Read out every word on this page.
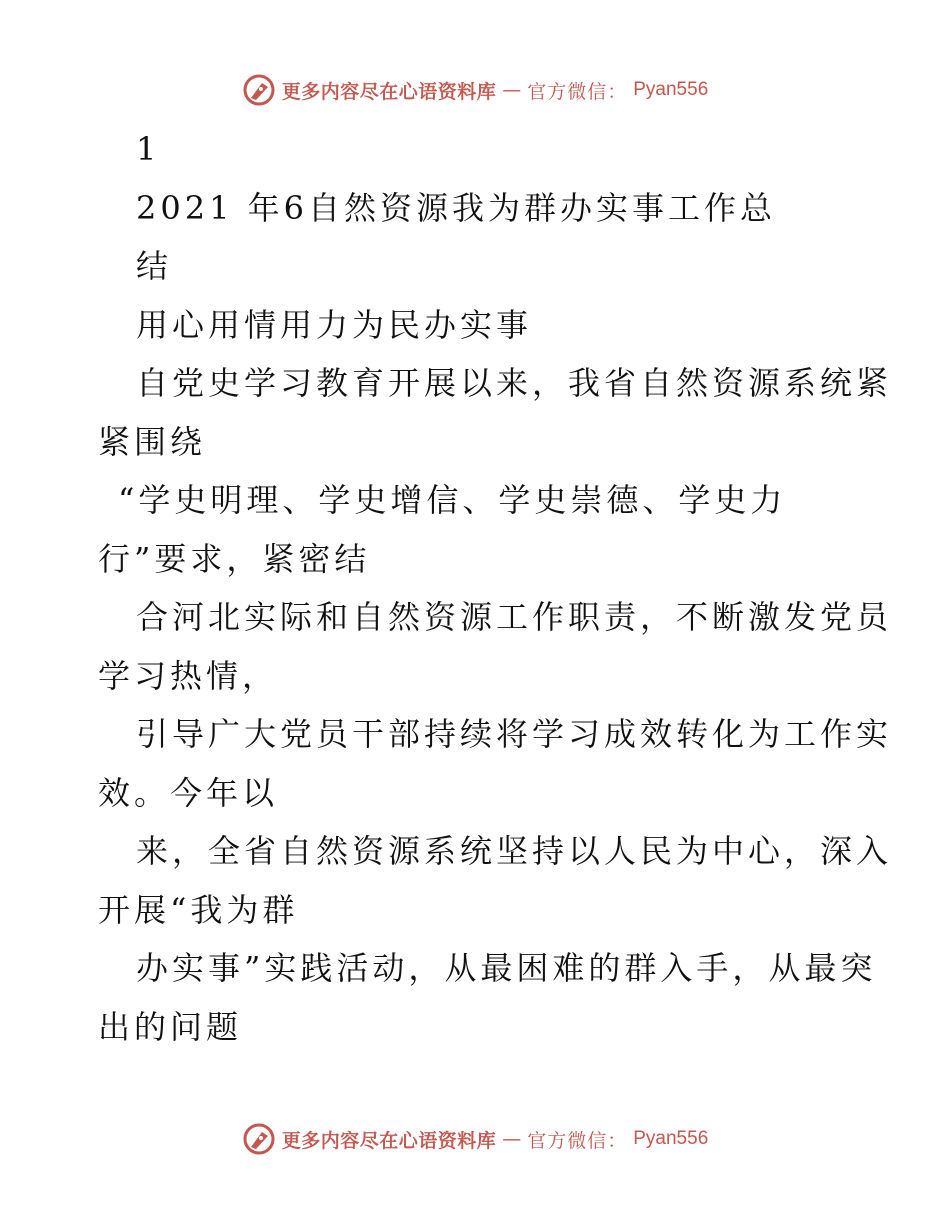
更多内容尽在心语资料库 — 官方微信： Pyan556
1
2021 年6自然资源我为群办实事工作总
结
用心用情用力为民办实事
自党史学习教育开展以来，我省自然资源系统紧
紧围绕
“学史明理、学史增信、学史崇德、学史力
行”要求，紧密结
合河北实际和自然资源工作职责，不断激发党员
学习热情，
引导广大党员干部持续将学习成效转化为工作实
效。今年以
来，全省自然资源系统坚持以人民为中心，深入
开展“我为群
办实事”实践活动，从最困难的群入手，从最突
出的问题
更多内容尽在心语资料库 — 官方微信： Pyan556
